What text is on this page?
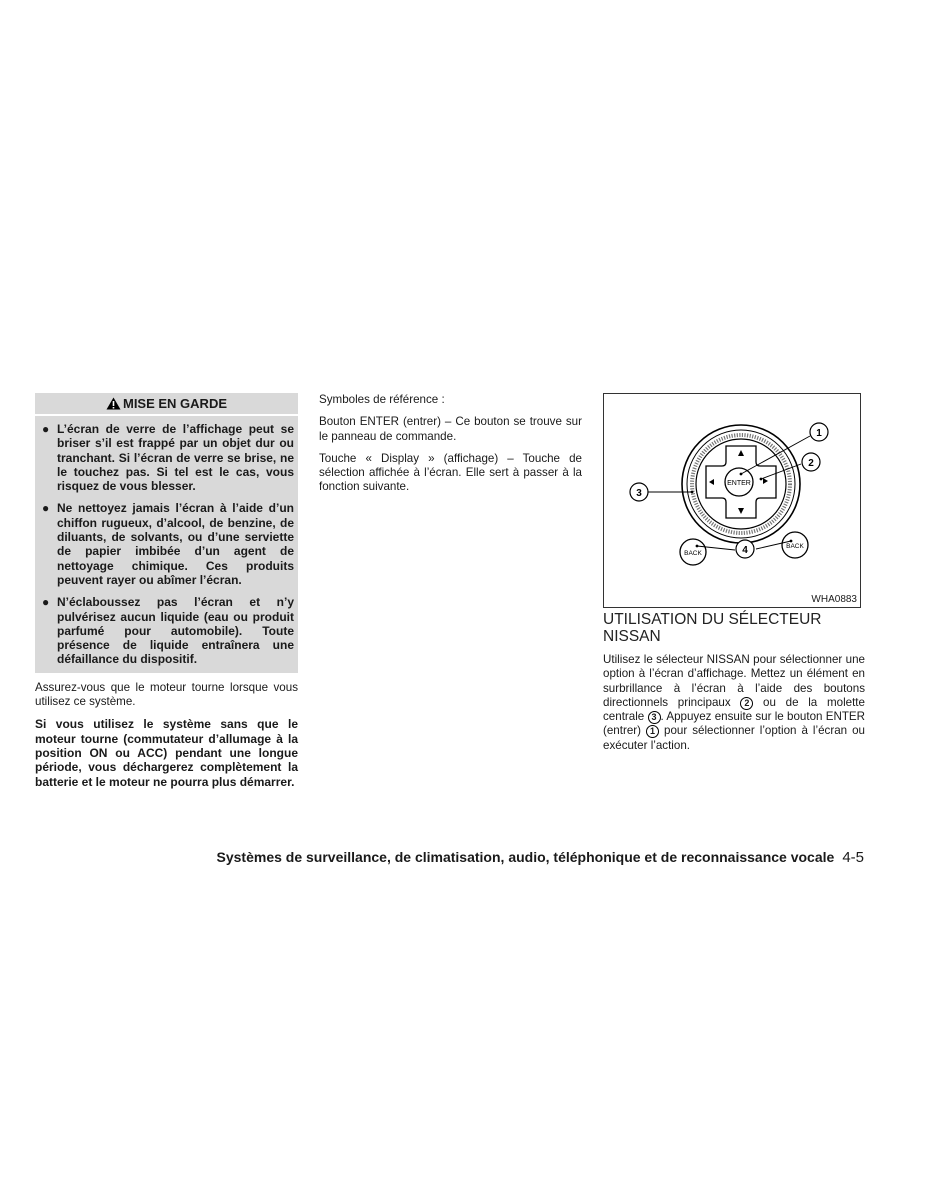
MISE EN GARDE
● L’écran de verre de l’affichage peut se briser s’il est frappé par un objet dur ou tranchant. Si l’écran de verre se brise, ne le touchez pas. Si tel est le cas, vous risquez de vous blesser.
● Ne nettoyez jamais l’écran à l’aide d’un chiffon rugueux, d’alcool, de benzine, de diluants, de solvants, ou d’une serviette de papier imbibée d’un agent de nettoyage chimique. Ces produits peuvent rayer ou abîmer l’écran.
● N’éclaboussez pas l’écran et n’y pulvérisez aucun liquide (eau ou produit parfumé pour automobile). Toute présence de liquide entraînera une défaillance du dispositif.

Assurez-vous que le moteur tourne lorsque vous utilisez ce système.

Si vous utilisez le système sans que le moteur tourne (commutateur d’allumage à la position ON ou ACC) pendant une longue période, vous déchargerez complètement la batterie et le moteur ne pourra plus démarrer.

Symboles de référence :

Bouton ENTER (entrer) – Ce bouton se trouve sur le panneau de commande.

Touche « Display » (affichage) – Touche de sélection affichée à l’écran. Elle sert à passer à la fonction suivante.	ENTER
BACK
BACK
1
2
3
4
WHA0883
UTILISATION DU SÉLECTEUR NISSAN

Utilisez le sélecteur NISSAN pour sélectionner une option à l’écran d’affichage. Mettez un élément en surbrillance à l’écran à l’aide des boutons directionnels principaux 2 ou de la molette centrale 3 . Appuyez ensuite sur le bouton ENTER (entrer) 1 pour sélectionner l’option à l’écran ou exécuter l’action.

Systèmes de surveillance, de climatisation, audio, téléphonique et de reconnaissance vocale 4-5
